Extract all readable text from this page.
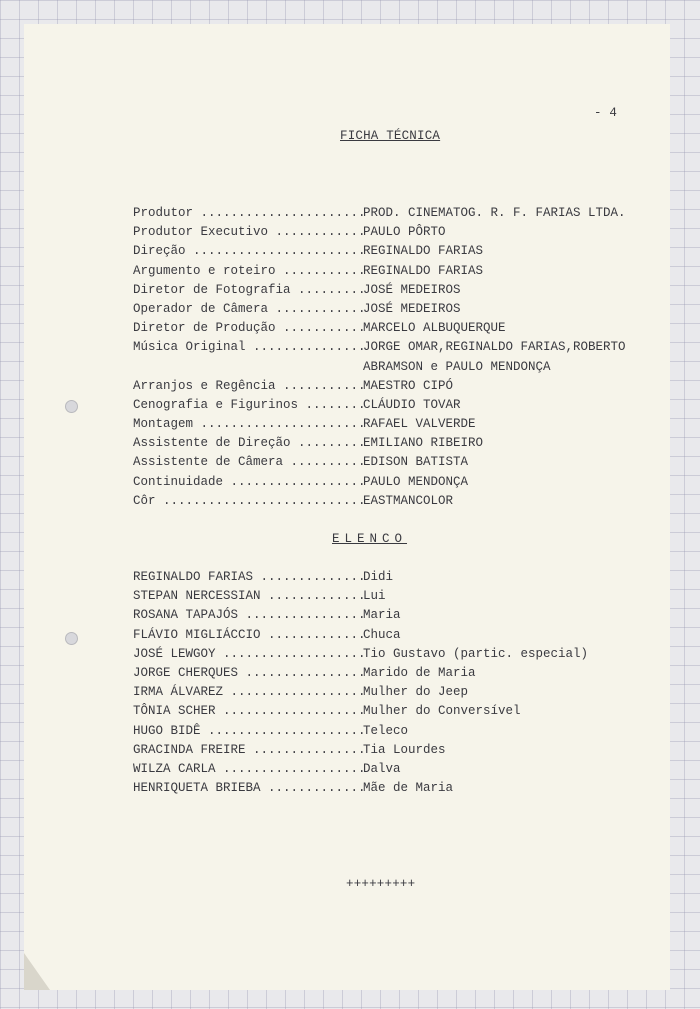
- 4
FICHA TÉCNICA
Produtor .....	PROD. CINEMATOG. R. F. FARIAS LTDA.
Produtor Executivo .....	PAULO PÔRTO
Direção .....	REGINALDO FARIAS
Argumento e roteiro .....	REGINALDO FARIAS
Diretor de Fotografia .....	JOSÉ MEDEIROS
Operador de Câmera .....	JOSÉ MEDEIROS
Diretor de Produção .....	MARCELO ALBUQUERQUE
Música Original .....	JORGE OMAR,REGINALDO FARIAS,ROBERTO
ABRAMSON e PAULO MENDONÇA
Arranjos e Regência .....	MAESTRO CIPÓ
Cenografia e Figurinos .....	CLÁUDIO TOVAR
Montagem .....	RAFAEL VALVERDE
Assistente de Direção .....	EMILIANO RIBEIRO
Assistente de Câmera .....	EDISON BATISTA
Continuidade .....	PAULO MENDONÇA
Côr .....	EASTMANCOLOR
ELENCO
REGINALDO FARIAS .....	Didi
STEPAN NERCESSIAN .....	Lui
ROSANA TAPAJÓS .....	Maria
FLÁVIO MIGLIÁCCIO .....	Chuca
JOSÉ LEWGOY .....	Tio Gustavo (partic. especial)
JORGE CHERQUES .....	Marido de Maria
IRMA ÁLVAREZ .....	Mulher do Jeep
TÔNIA SCHER .....	Mulher do Conversível
HUGO BIDÊ .....	Teleco
GRACINDA FREIRE .....	Tia Lourdes
WILZA CARLA .....	Dalva
HENRIQUETA BRIEBA .....	Mãe de Maria
+++++++++
